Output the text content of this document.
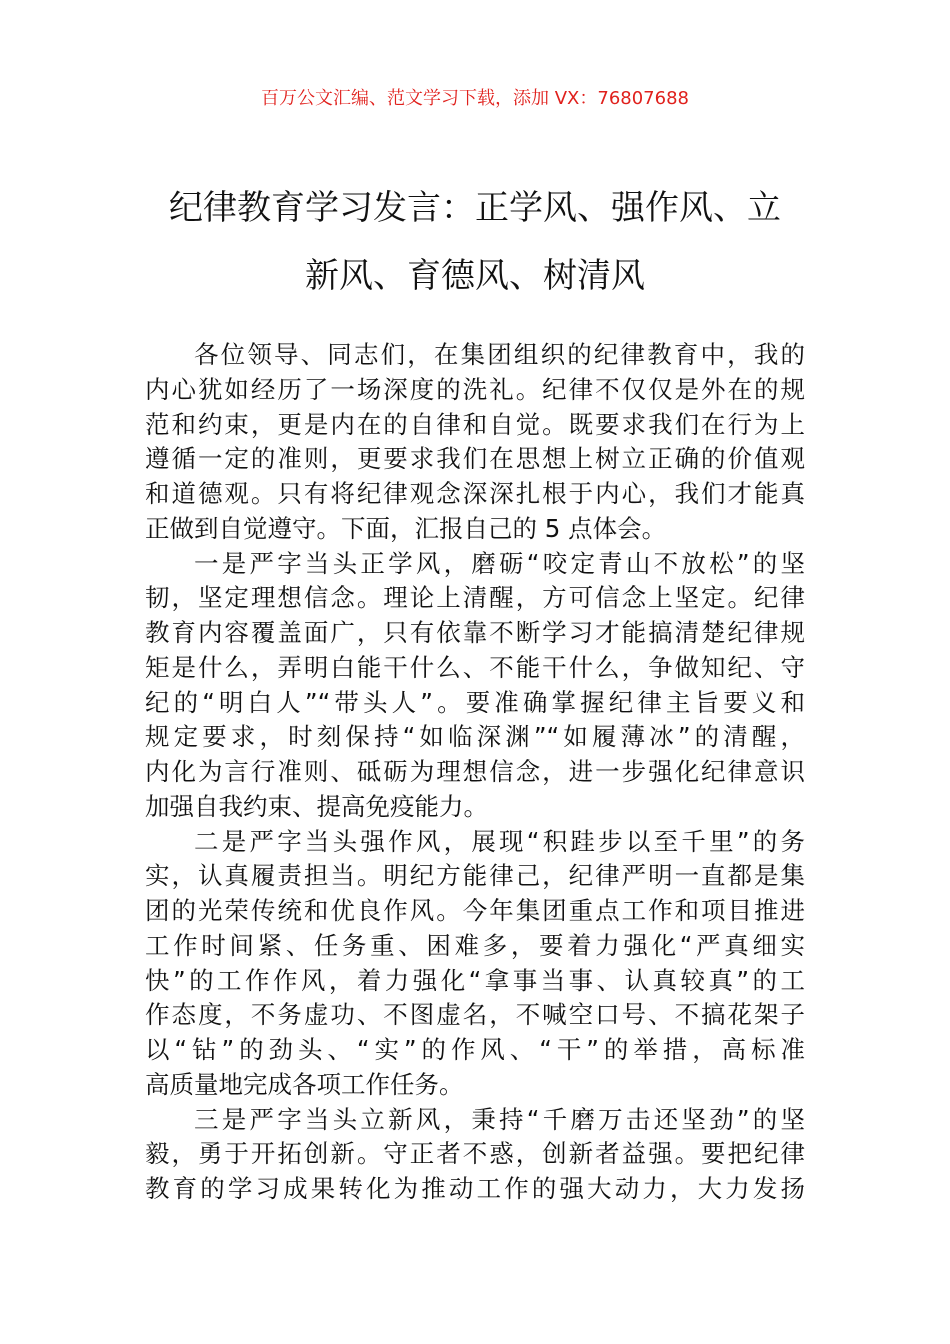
百万公文汇编、范文学习下载，添加 VX：76807688
纪律教育学习发言：正学风、强作风、立
新风、育德风、树清风
各位领导、同志们，在集团组织的纪律教育中，我的
内心犹如经历了一场深度的洗礼。纪律不仅仅是外在的规
范和约束，更是内在的自律和自觉。既要求我们在行为上
遵循一定的准则，更要求我们在思想上树立正确的价值观
和道德观。只有将纪律观念深深扎根于内心，我们才能真
正做到自觉遵守。下面，汇报自己的 5 点体会。
一是严字当头正学风，磨砺“咬定青山不放松”的坚
韧，坚定理想信念。理论上清醒，方可信念上坚定。纪律
教育内容覆盖面广，只有依靠不断学习才能搞清楚纪律规
矩是什么，弄明白能干什么、不能干什么，争做知纪、守
纪的“明白人”“带头人”。要准确掌握纪律主旨要义和
规定要求，时刻保持“如临深渊”“如履薄冰”的清醒，
内化为言行准则、砥砺为理想信念，进一步强化纪律意识
加强自我约束、提高免疫能力。
二是严字当头强作风，展现“积跬步以至千里”的务
实，认真履责担当。明纪方能律己，纪律严明一直都是集
团的光荣传统和优良作风。今年集团重点工作和项目推进
工作时间紧、任务重、困难多，要着力强化“严真细实
快”的工作作风，着力强化“拿事当事、认真较真”的工
作态度，不务虚功、不图虚名，不喊空口号、不搞花架子
以“钻”的劲头、“实”的作风、“干”的举措，高标准
高质量地完成各项工作任务。
三是严字当头立新风，秉持“千磨万击还坚劲”的坚
毅，勇于开拓创新。守正者不惑，创新者益强。要把纪律
教育的学习成果转化为推动工作的强大动力，大力发扬
